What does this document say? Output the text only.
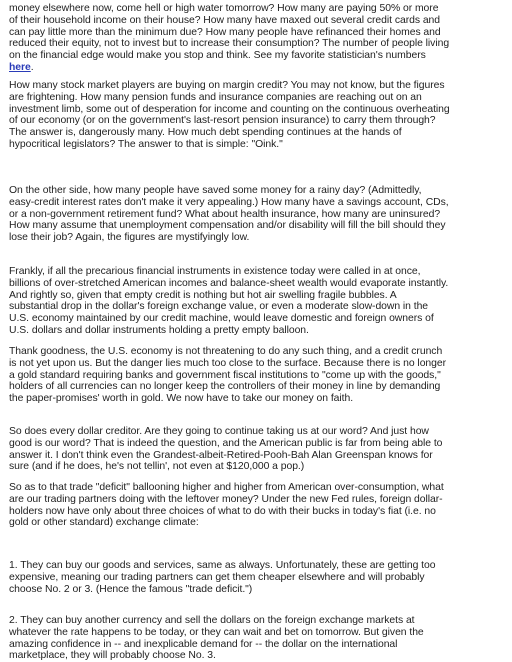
money elsewhere now, come hell or high water tomorrow? How many are paying 50% or more
of their household income on their house? How many have maxed out several credit cards and
can pay little more than the minimum due? How many people have refinanced their homes and
reduced their equity, not to invest but to increase their consumption? The number of people living
on the financial edge would make you stop and think. See my favorite statistician's numbers
here.

How many stock market players are buying on margin credit? You may not know, but the figures
are frightening. How many pension funds and insurance companies are reaching out on an
investment limb, some out of desperation for income and counting on the continuous overheating
of our economy (or on the government's last-resort pension insurance) to carry them through?
The answer is, dangerously many. How much debt spending continues at the hands of
hypocritical legislators? The answer to that is simple: "Oink."

On the other side, how many people have saved some money for a rainy day? (Admittedly,
easy-credit interest rates don't make it very appealing.) How many have a savings account, CDs,
or a non-government retirement fund? What about health insurance, how many are uninsured?
How many assume that unemployment compensation and/or disability will fill the bill should they
lose their job? Again, the figures are mystifyingly low.

Frankly, if all the precarious financial instruments in existence today were called in at once,
billions of over-stretched American incomes and balance-sheet wealth would evaporate instantly.
And rightly so, given that empty credit is nothing but hot air swelling fragile bubbles. A
substantial drop in the dollar's foreign exchange value, or even a moderate slow-down in the
U.S. economy maintained by our credit machine, would leave domestic and foreign owners of
U.S. dollars and dollar instruments holding a pretty empty balloon.

Thank goodness, the U.S. economy is not threatening to do any such thing, and a credit crunch
is not yet upon us. But the danger lies much too close to the surface. Because there is no longer
a gold standard requiring banks and government fiscal institutions to "come up with the goods,"
holders of all currencies can no longer keep the controllers of their money in line by demanding
the paper-promises' worth in gold. We now have to take our money on faith.

So does every dollar creditor. Are they going to continue taking us at our word? And just how
good is our word? That is indeed the question, and the American public is far from being able to
answer it. I don't think even the Grandest-albeit-Retired-Pooh-Bah Alan Greenspan knows for
sure (and if he does, he's not tellin', not even at $120,000 a pop.)

So as to that trade "deficit" ballooning higher and higher from American over-consumption, what
are our trading partners doing with the leftover money? Under the new Fed rules, foreign dollar-
holders now have only about three choices of what to do with their bucks in today's fiat (i.e. no
gold or other standard) exchange climate:

1. They can buy our goods and services, same as always. Unfortunately, these are getting too
expensive, meaning our trading partners can get them cheaper elsewhere and will probably
choose No. 2 or 3. (Hence the famous "trade deficit.")

2. They can buy another currency and sell the dollars on the foreign exchange markets at
whatever the rate happens to be today, or they can wait and bet on tomorrow. But given the
amazing confidence in -- and inexplicable demand for -- the dollar on the international
marketplace, they will probably choose No. 3.
